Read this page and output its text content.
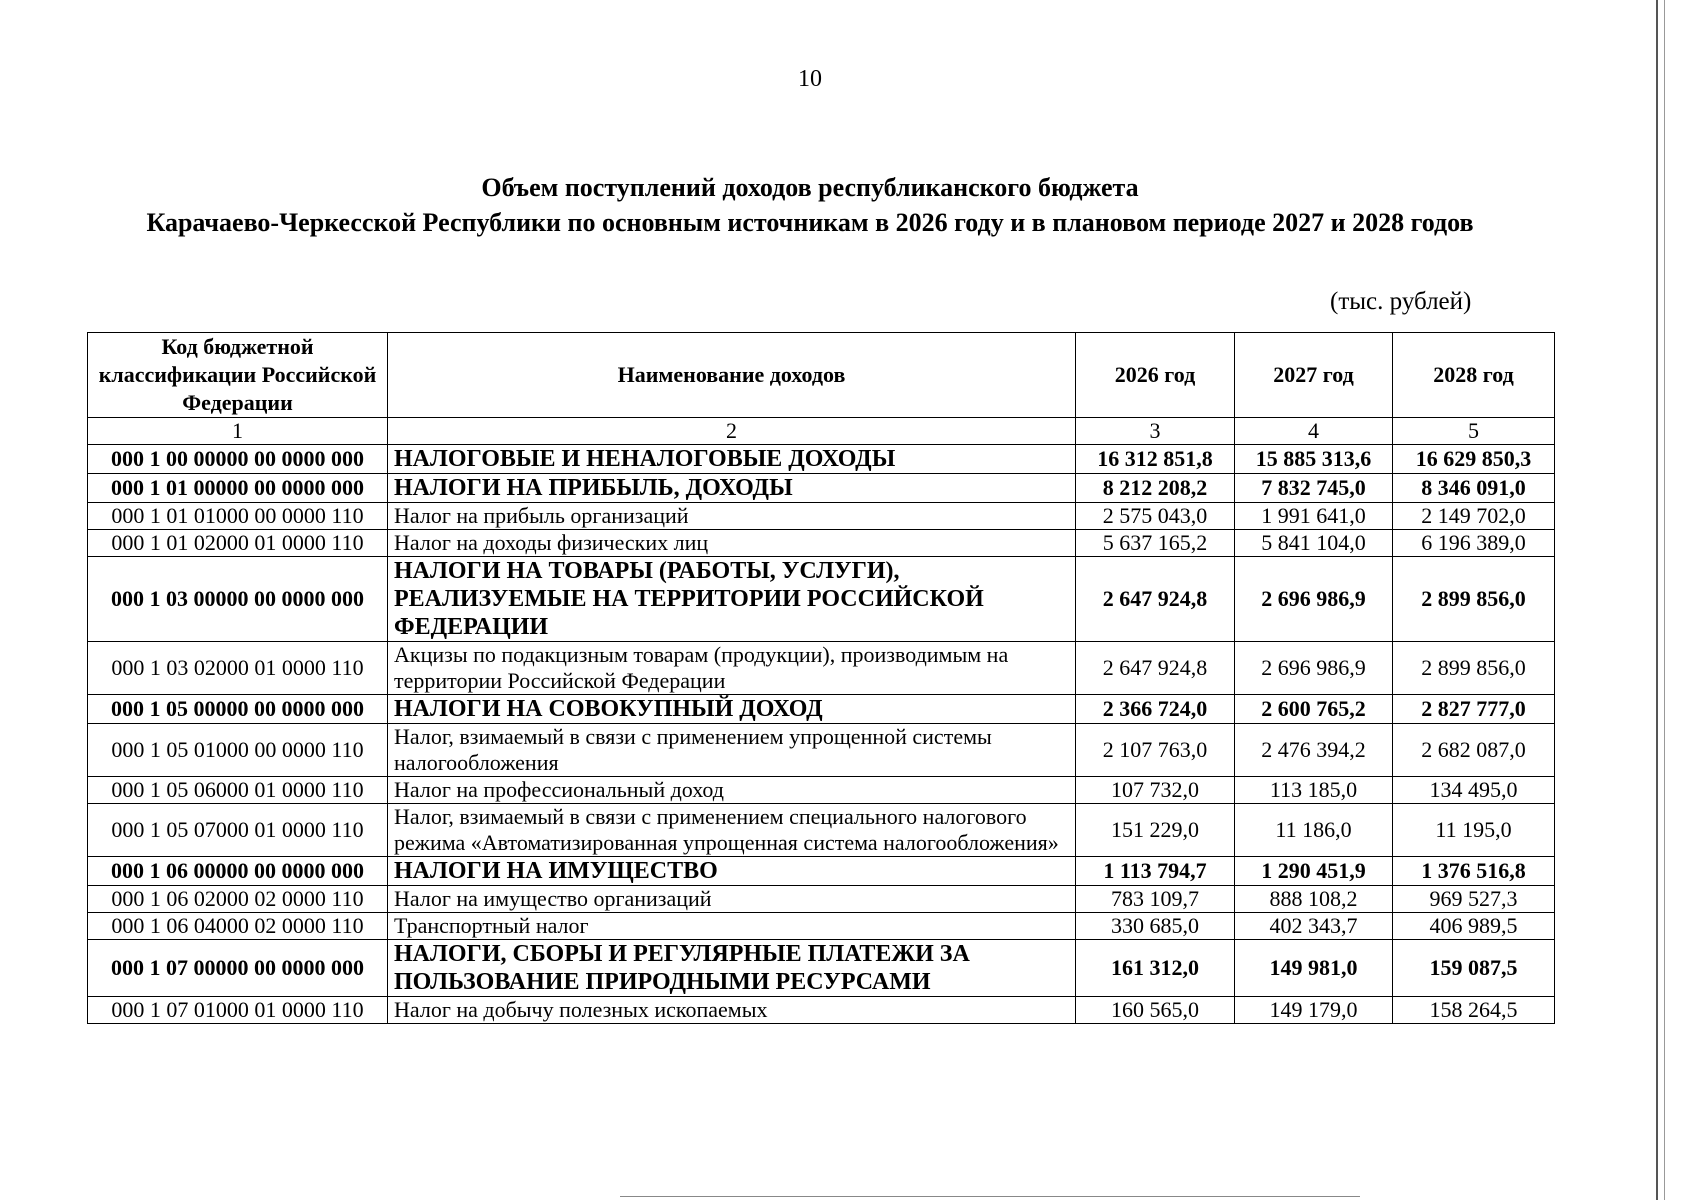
10
Объем поступлений доходов республиканского бюджета
Карачаево-Черкесской Республики по основным источникам в 2026 году и в плановом периоде 2027 и 2028 годов
(тыс. рублей)
Код бюджетной классификации Российской Федерации	Наименование доходов	2026 год	2027 год	2028 год
1	2	3	4	5
000 1 00 00000 00 0000 000	НАЛОГОВЫЕ И НЕНАЛОГОВЫЕ ДОХОДЫ	16 312 851,8	15 885 313,6	16 629 850,3
000 1 01 00000 00 0000 000	НАЛОГИ НА ПРИБЫЛЬ, ДОХОДЫ	8 212 208,2	7 832 745,0	8 346 091,0
000 1 01 01000 00 0000 110	Налог на прибыль организаций	2 575 043,0	1 991 641,0	2 149 702,0
000 1 01 02000 01 0000 110	Налог на доходы физических лиц	5 637 165,2	5 841 104,0	6 196 389,0
000 1 03 00000 00 0000 000	НАЛОГИ НА ТОВАРЫ (РАБОТЫ, УСЛУГИ), РЕАЛИЗУЕМЫЕ НА ТЕРРИТОРИИ РОССИЙСКОЙ ФЕДЕРАЦИИ	2 647 924,8	2 696 986,9	2 899 856,0
000 1 03 02000 01 0000 110	Акцизы по подакцизным товарам (продукции), производимым на территории Российской Федерации	2 647 924,8	2 696 986,9	2 899 856,0
000 1 05 00000 00 0000 000	НАЛОГИ НА СОВОКУПНЫЙ ДОХОД	2 366 724,0	2 600 765,2	2 827 777,0
000 1 05 01000 00 0000 110	Налог, взимаемый в связи с применением упрощенной системы налогообложения	2 107 763,0	2 476 394,2	2 682 087,0
000 1 05 06000 01 0000 110	Налог на профессиональный доход	107 732,0	113 185,0	134 495,0
000 1 05 07000 01 0000 110	Налог, взимаемый в связи с применением специального налогового режима «Автоматизированная упрощенная система налогообложения»	151 229,0	11 186,0	11 195,0
000 1 06 00000 00 0000 000	НАЛОГИ НА ИМУЩЕСТВО	1 113 794,7	1 290 451,9	1 376 516,8
000 1 06 02000 02 0000 110	Налог на имущество организаций	783 109,7	888 108,2	969 527,3
000 1 06 04000 02 0000 110	Транспортный налог	330 685,0	402 343,7	406 989,5
000 1 07 00000 00 0000 000	НАЛОГИ, СБОРЫ И РЕГУЛЯРНЫЕ ПЛАТЕЖИ ЗА ПОЛЬЗОВАНИЕ ПРИРОДНЫМИ РЕСУРСАМИ	161 312,0	149 981,0	159 087,5
000 1 07 01000 01 0000 110	Налог на добычу полезных ископаемых	160 565,0	149 179,0	158 264,5
